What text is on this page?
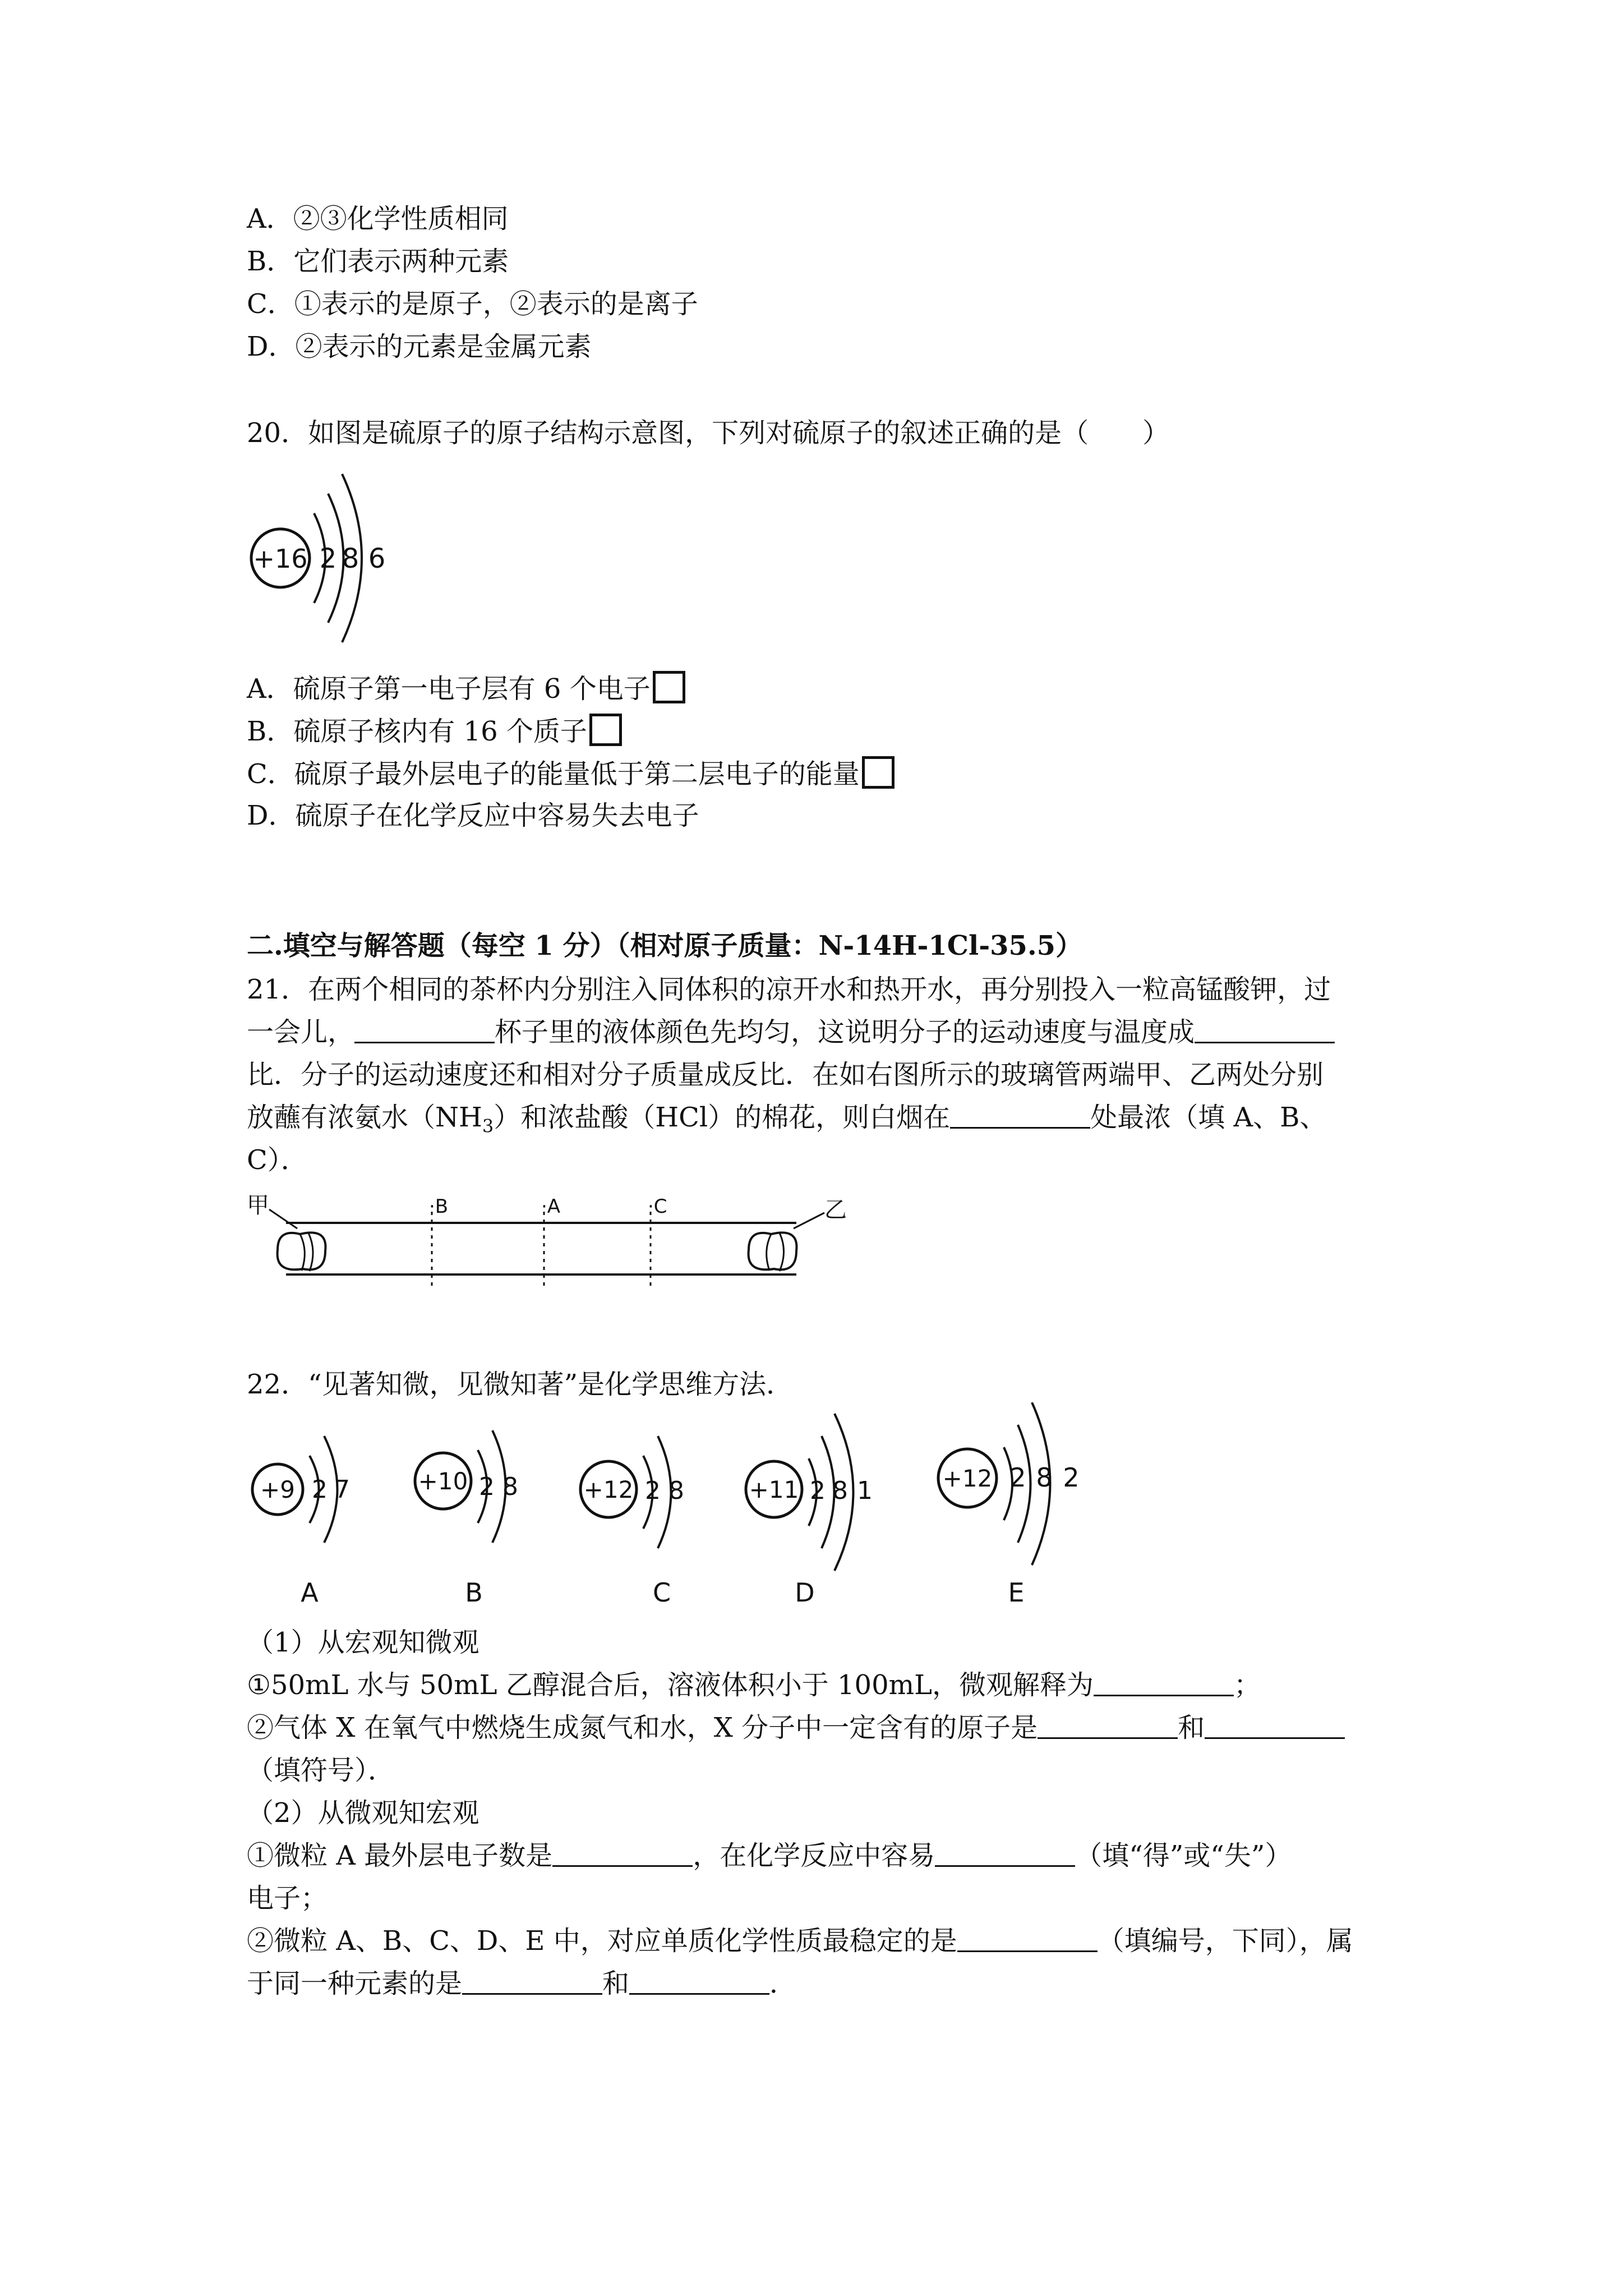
A．②③化学性质相同
B．它们表示两种元素
C．①表示的是原子，②表示的是离子
D．②表示的元素是金属元素
20．如图是硫原子的原子结构示意图，下列对硫原子的叙述正确的是（　　）
+16 2 8 6
A．硫原子第一电子层有 6 个电子
B．硫原子核内有 16 个质子
C．硫原子最外层电子的能量低于第二层电子的能量
D．硫原子在化学反应中容易失去电子
二.填空与解答题（每空 1 分）（相对原子质量：N-14H-1Cl-35.5）
21．在两个相同的茶杯内分别注入同体积的凉开水和热开水，再分别投入一粒高锰酸钾，过
一会儿，	杯子里的液体颜色先均匀，这说明分子的运动速度与温度成
比．分子的运动速度还和相对分子质量成反比．在如右图所示的玻璃管两端甲、乙两处分别
放蘸有浓氨水$(NH_3)$和浓盐酸（HCl）的棉花，则白烟在	处最浓（填 A、B、
C）．
甲	乙
·B	·A	·C
22．“见著知微，见微知著”是化学思维方法．
+9 2 7
A
+10 2 8
B
+12 2 8
C
+11 2 8 1
D
+12 2 8 2
E
（1）从宏观知微观
①50mL 水与 50mL 乙醇混合后，溶液体积小于 100mL，微观解释为	；
②气体 X 在氧气中燃烧生成氮气和水，X 分子中一定含有的原子是	和
（填符号）．
（2）从微观知宏观
①微粒 A 最外层电子数是	，在化学反应中容易	（填“得”或“失”）
电子；
②微粒 A、B、C、D、E 中，对应单质化学性质最稳定的是	（填编号，下同），属
于同一种元素的是	和	．
